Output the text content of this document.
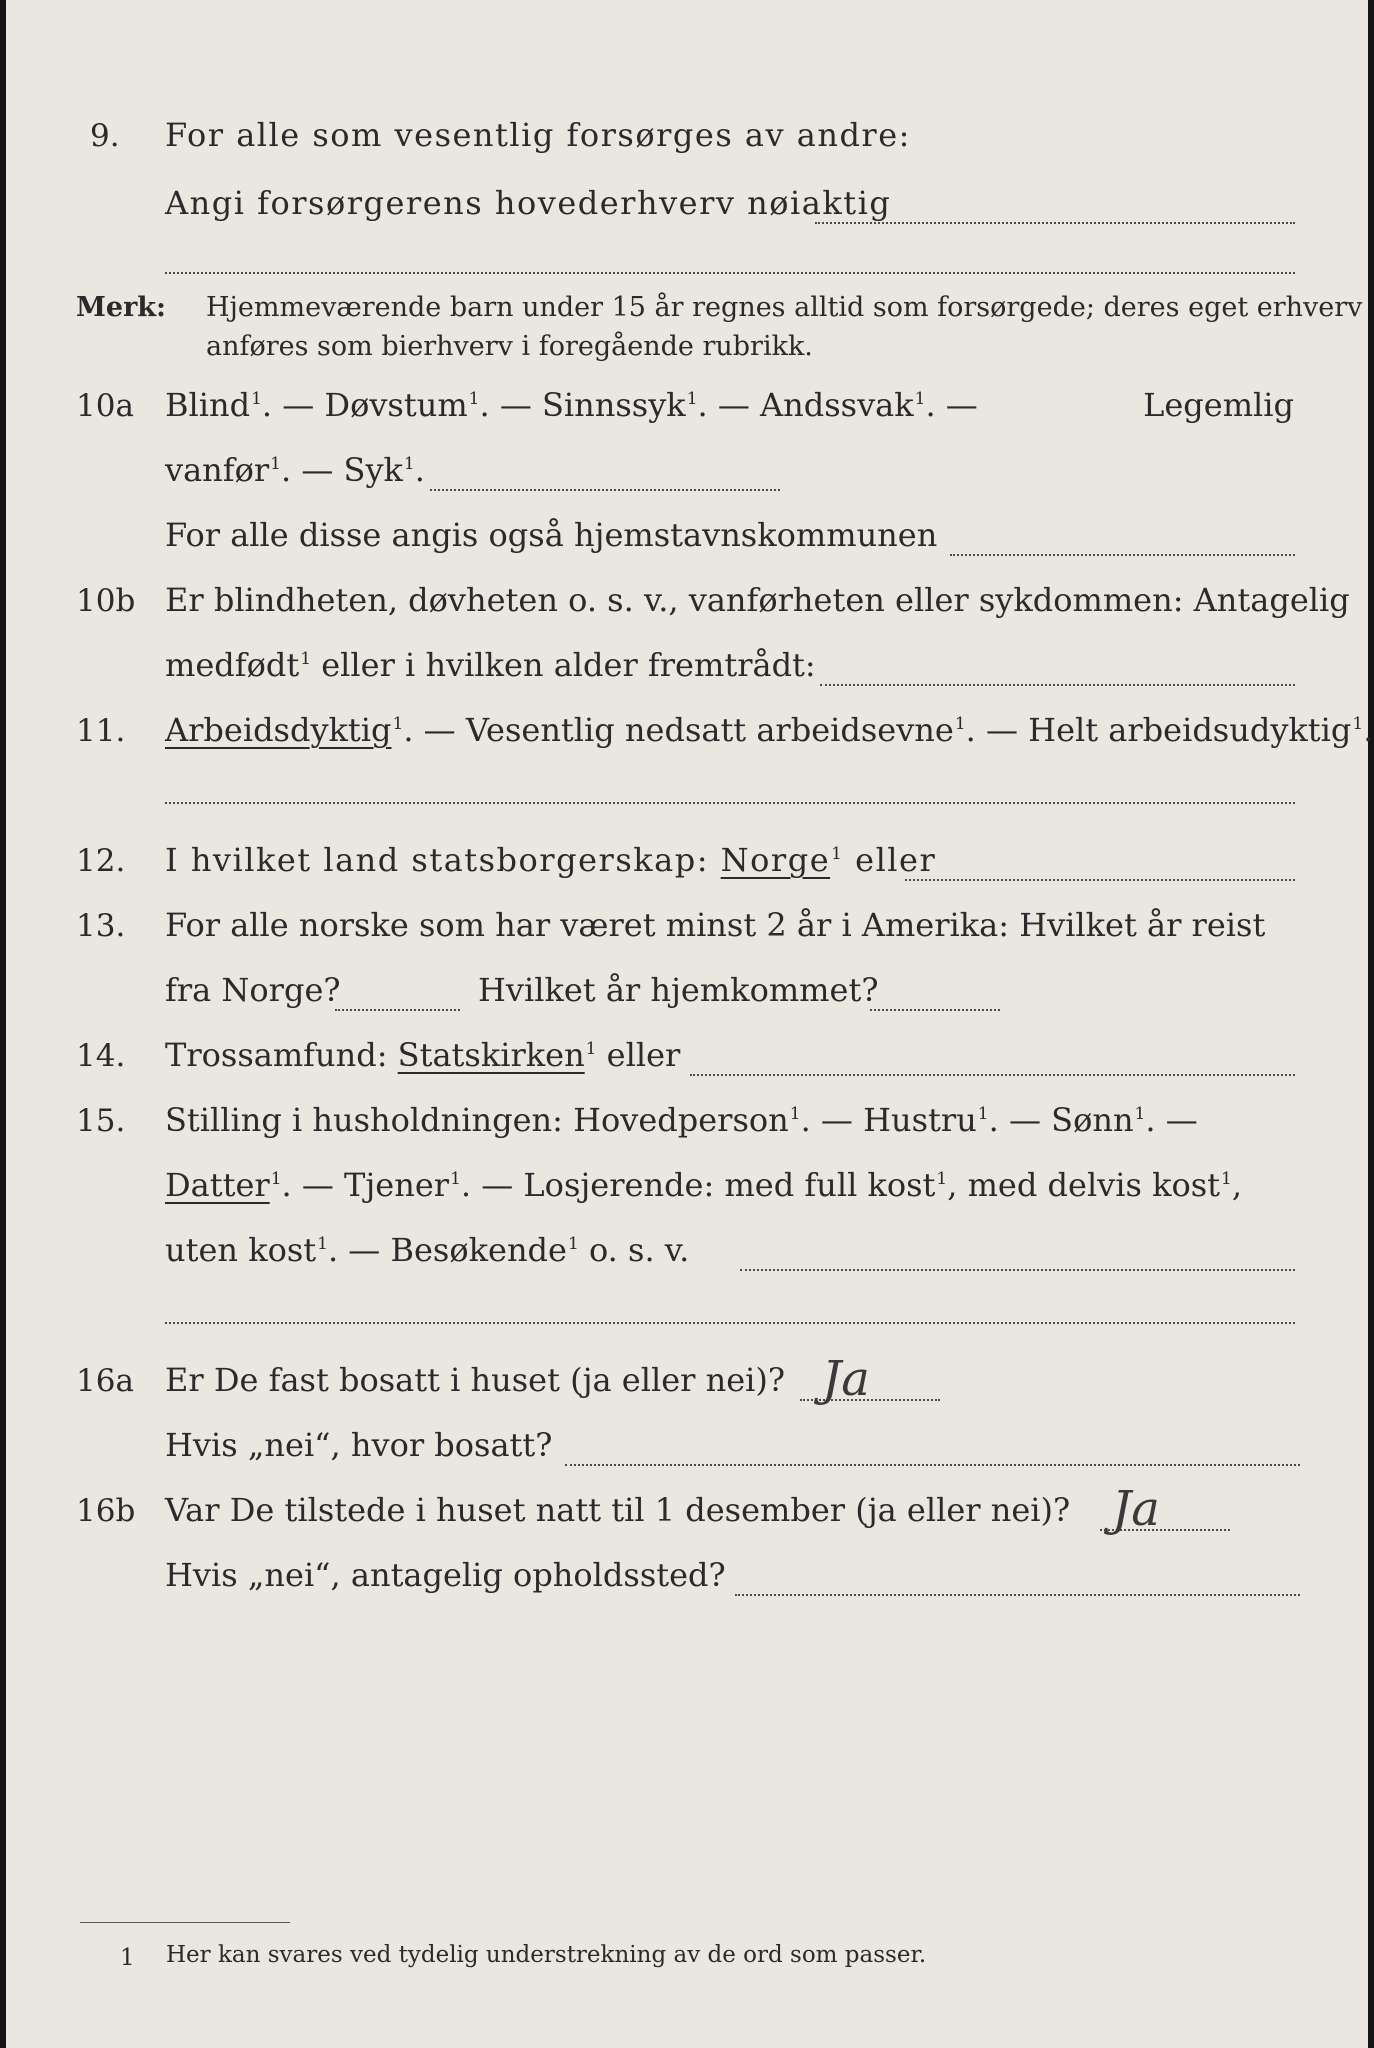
9. For alle som vesentlig forsørges av andre:
Angi forsørgerens hovederhverv nøiaktig
Merk: Hjemmeværende barn under 15 år regnes alltid som forsørgede; deres eget erhverv
anføres som bierhverv i foregående rubrikk.
10a Blind$^1$. — Døvstum$^1$. — Sinnssyk$^1$. — Andssvak$^1$. —	Legemlig
vanfør$^1$. — Syk$^1$.
For alle disse angis også hjemstavnskommunen
10b Er blindheten, døvheten o. s. v., vanførheten eller sykdommen: Antagelig
medfødt$^1$ eller i hvilken alder fremtrådt:
11. Arbeidsdyktig$^1$. — Vesentlig nedsatt arbeidsevne$^1$. — Helt arbeidsudyktig$^1$.
12. I hvilket land statsborgerskap: Norge$^1$ eller
13. For alle norske som har været minst 2 år i Amerika: Hvilket år reist
fra Norge?	Hvilket år hjemkommet?
14. Trossamfund: Statskirken$^1$ eller
15. Stilling i husholdningen: Hovedperson$^1$. — Hustru$^1$. — Sønn$^1$. —
Datter$^1$. — Tjener$^1$. — Losjerende: med full kost$^1$, med delvis kost$^1$,
uten kost$^1$. — Besøkende$^1$ o. s. v.
16a Er De fast bosatt i huset (ja eller nei)? Ja
Hvis „nei“, hvor bosatt?
16b Var De tilstede i huset natt til 1 desember (ja eller nei)? Ja
Hvis „nei“, antagelig opholdssted?
1 Her kan svares ved tydelig understrekning av de ord som passer.
